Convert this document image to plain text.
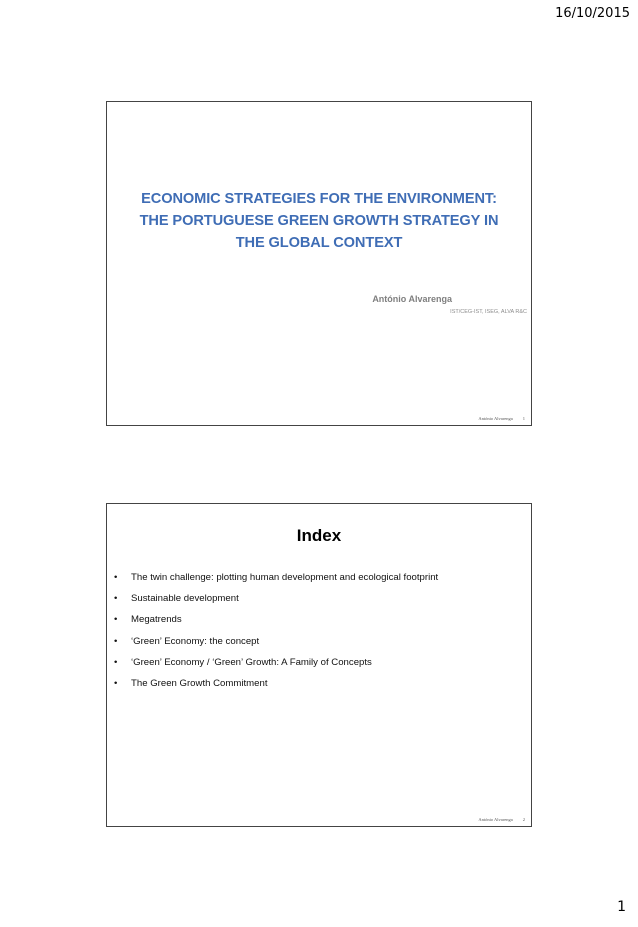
16/10/2015
ECONOMIC STRATEGIES FOR THE ENVIRONMENT:
THE PORTUGUESE GREEN GROWTH STRATEGY IN
THE GLOBAL CONTEXT
António Alvarenga
IST/CEG-IST, ISEG, ALVA R&C
António Alvarenga 1
Index
• The twin challenge: plotting human development and ecological footprint
• Sustainable development
• Megatrends
• ‘Green’ Economy: the concept
• ‘Green’ Economy / ‘Green’ Growth: A Family of Concepts
• The Green Growth Commitment
António Alvarenga 2
1
